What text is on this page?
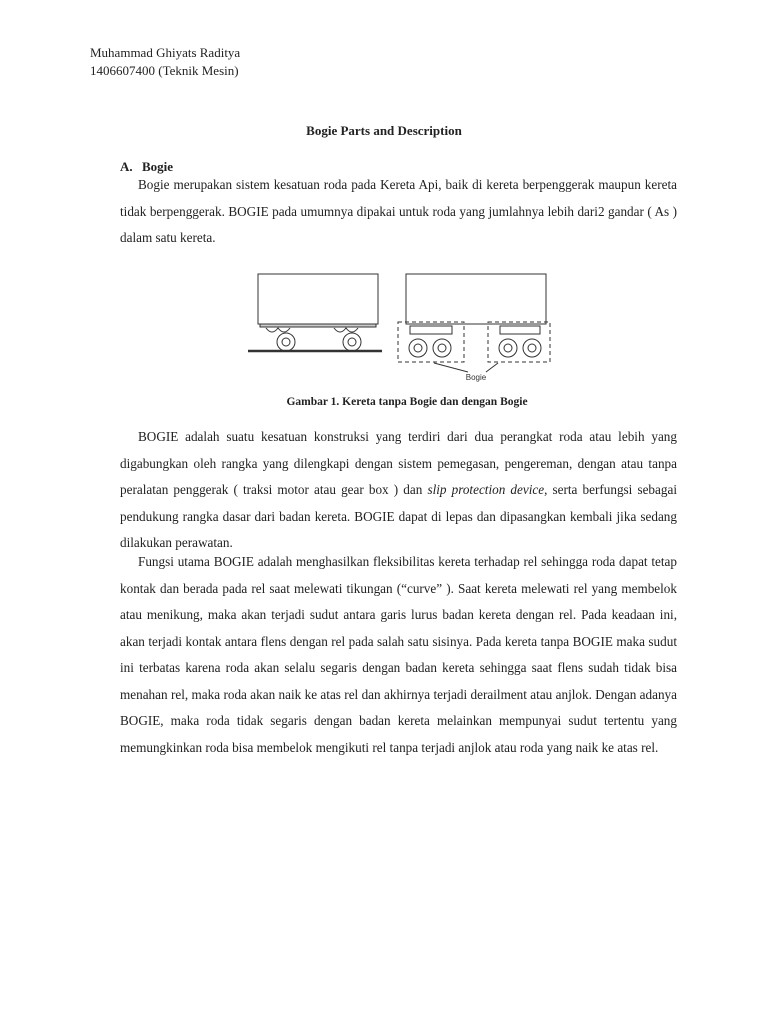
Muhammad Ghiyats Raditya
1406607400 (Teknik Mesin)
Bogie Parts and Description
A. Bogie

Bogie merupakan sistem kesatuan roda pada Kereta Api, baik di kereta berpenggerak maupun kereta tidak berpenggerak. BOGIE pada umumnya dipakai untuk roda yang jumlahnya lebih dari2 gandar ( As ) dalam satu kereta.

Bogie
Gambar 1. Kereta tanpa Bogie dan dengan Bogie

BOGIE adalah suatu kesatuan konstruksi yang terdiri dari dua perangkat roda atau lebih yang digabungkan oleh rangka yang dilengkapi dengan sistem pemegasan, pengereman, dengan atau tanpa peralatan penggerak ( traksi motor atau gear box ) dan slip protection device, serta berfungsi sebagai pendukung rangka dasar dari badan kereta. BOGIE dapat di lepas dan dipasangkan kembali jika sedang dilakukan perawatan.

Fungsi utama BOGIE adalah menghasilkan fleksibilitas kereta terhadap rel sehingga roda dapat tetap kontak dan berada pada rel saat melewati tikungan (“curve” ). Saat kereta melewati rel yang membelok atau menikung, maka akan terjadi sudut antara garis lurus badan kereta dengan rel. Pada keadaan ini, akan terjadi kontak antara flens dengan rel pada salah satu sisinya. Pada kereta tanpa BOGIE maka sudut ini terbatas karena roda akan selalu segaris dengan badan kereta sehingga saat flens sudah tidak bisa menahan rel, maka roda akan naik ke atas rel dan akhirnya terjadi derailment atau anjlok. Dengan adanya BOGIE, maka roda tidak segaris dengan badan kereta melainkan mempunyai sudut tertentu yang memungkinkan roda bisa membelok mengikuti rel tanpa terjadi anjlok atau roda yang naik ke atas rel.
